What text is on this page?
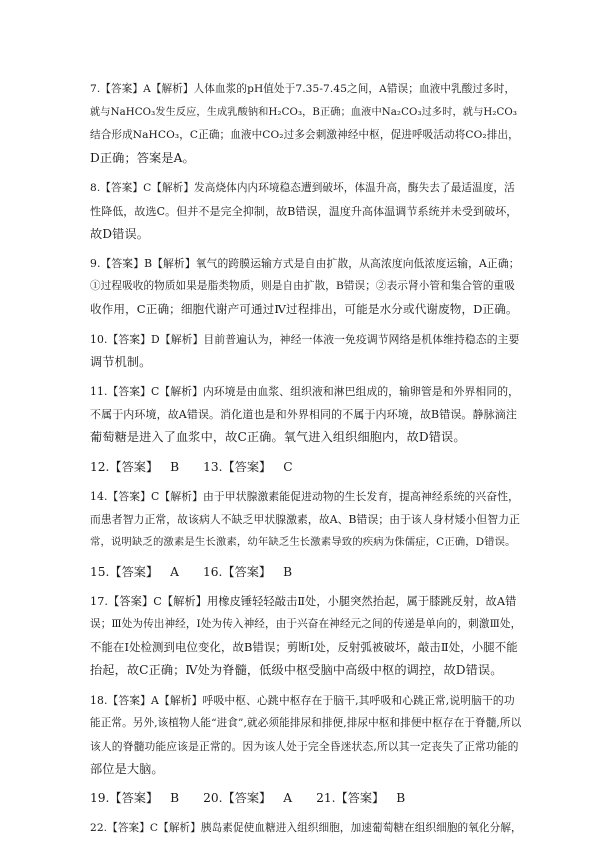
7.【答案】A【解析】人体血浆的pH值处于7.35-7.45之间，A错误；血液中乳酸过多时，
就与NaHCO₃发生反应，生成乳酸钠和H₂CO₃，B正确；血液中Na₂CO₃过多时，就与H₂CO₃
结合形成NaHCO₃，C正确；血液中CO₂过多会刺激神经中枢，促进呼吸活动将CO₂排出，
D正确；答案是A。
8.【答案】C【解析】发高烧体内内环境稳态遭到破坏，体温升高，酶失去了最适温度，活
性降低，故选C。但并不是完全抑制，故B错误，温度升高体温调节系统并未受到破坏，
故D错误。
9.【答案】B【解析】氧气的跨膜运输方式是自由扩散，从高浓度向低浓度运输，A正确；
①过程吸收的物质如果是脂类物质，则是自由扩散，B错误；②表示肾小管和集合管的重吸
收作用，C正确；细胞代谢产可通过Ⅳ过程排出，可能是水分或代谢废物，D正确。
10.【答案】D【解析】目前普遍认为，神经一体液一免疫调节网络是机体维持稳态的主要
调节机制。
11.【答案】C【解析】内环境是由血浆、组织液和淋巴组成的，输卵管是和外界相同的，
不属于内环境，故A错误。消化道也是和外界相同的不属于内环境，故B错误。静脉滴注
葡萄糖是进入了血浆中，故C正确。氧气进入组织细胞内，故D错误。
12.【答案】 B 13.【答案】 C
14.【答案】C【解析】由于甲状腺激素能促进动物的生长发育，提高神经系统的兴奋性，
而患者智力正常，故该病人不缺乏甲状腺激素，故A、B错误；由于该人身材矮小但智力正
常，说明缺乏的激素是生长激素，幼年缺乏生长激素导致的疾病为侏儒症，C正确，D错误。
15.【答案】 A 16.【答案】 B
17.【答案】C【解析】用橡皮锤轻轻敲击Ⅱ处，小腿突然抬起，属于膝跳反射，故A错
误；Ⅲ处为传出神经，Ⅰ处为传入神经，由于兴奋在神经元之间的传递是单向的，刺激Ⅲ处，
不能在Ⅰ处检测到电位变化，故B错误；剪断Ⅰ处，反射弧被破坏，敲击Ⅱ处，小腿不能
抬起，故C正确；Ⅳ处为脊髓，低级中枢受脑中高级中枢的调控，故D错误。
18.【答案】A【解析】呼吸中枢、心跳中枢存在于脑干,其呼吸和心跳正常,说明脑干的功
能正常。另外,该植物人能“进食”,就必须能排尿和排便,排尿中枢和排便中枢存在于脊髓,所以
该人的脊髓功能应该是正常的。因为该人处于完全昏迷状态,所以其一定丧失了正常功能的
部位是大脑。
19.【答案】 B 20.【答案】 A 21.【答案】 B
22.【答案】C【解析】胰岛素促使血糖进入组织细胞，加速葡萄糖在组织细胞的氧化分解，
